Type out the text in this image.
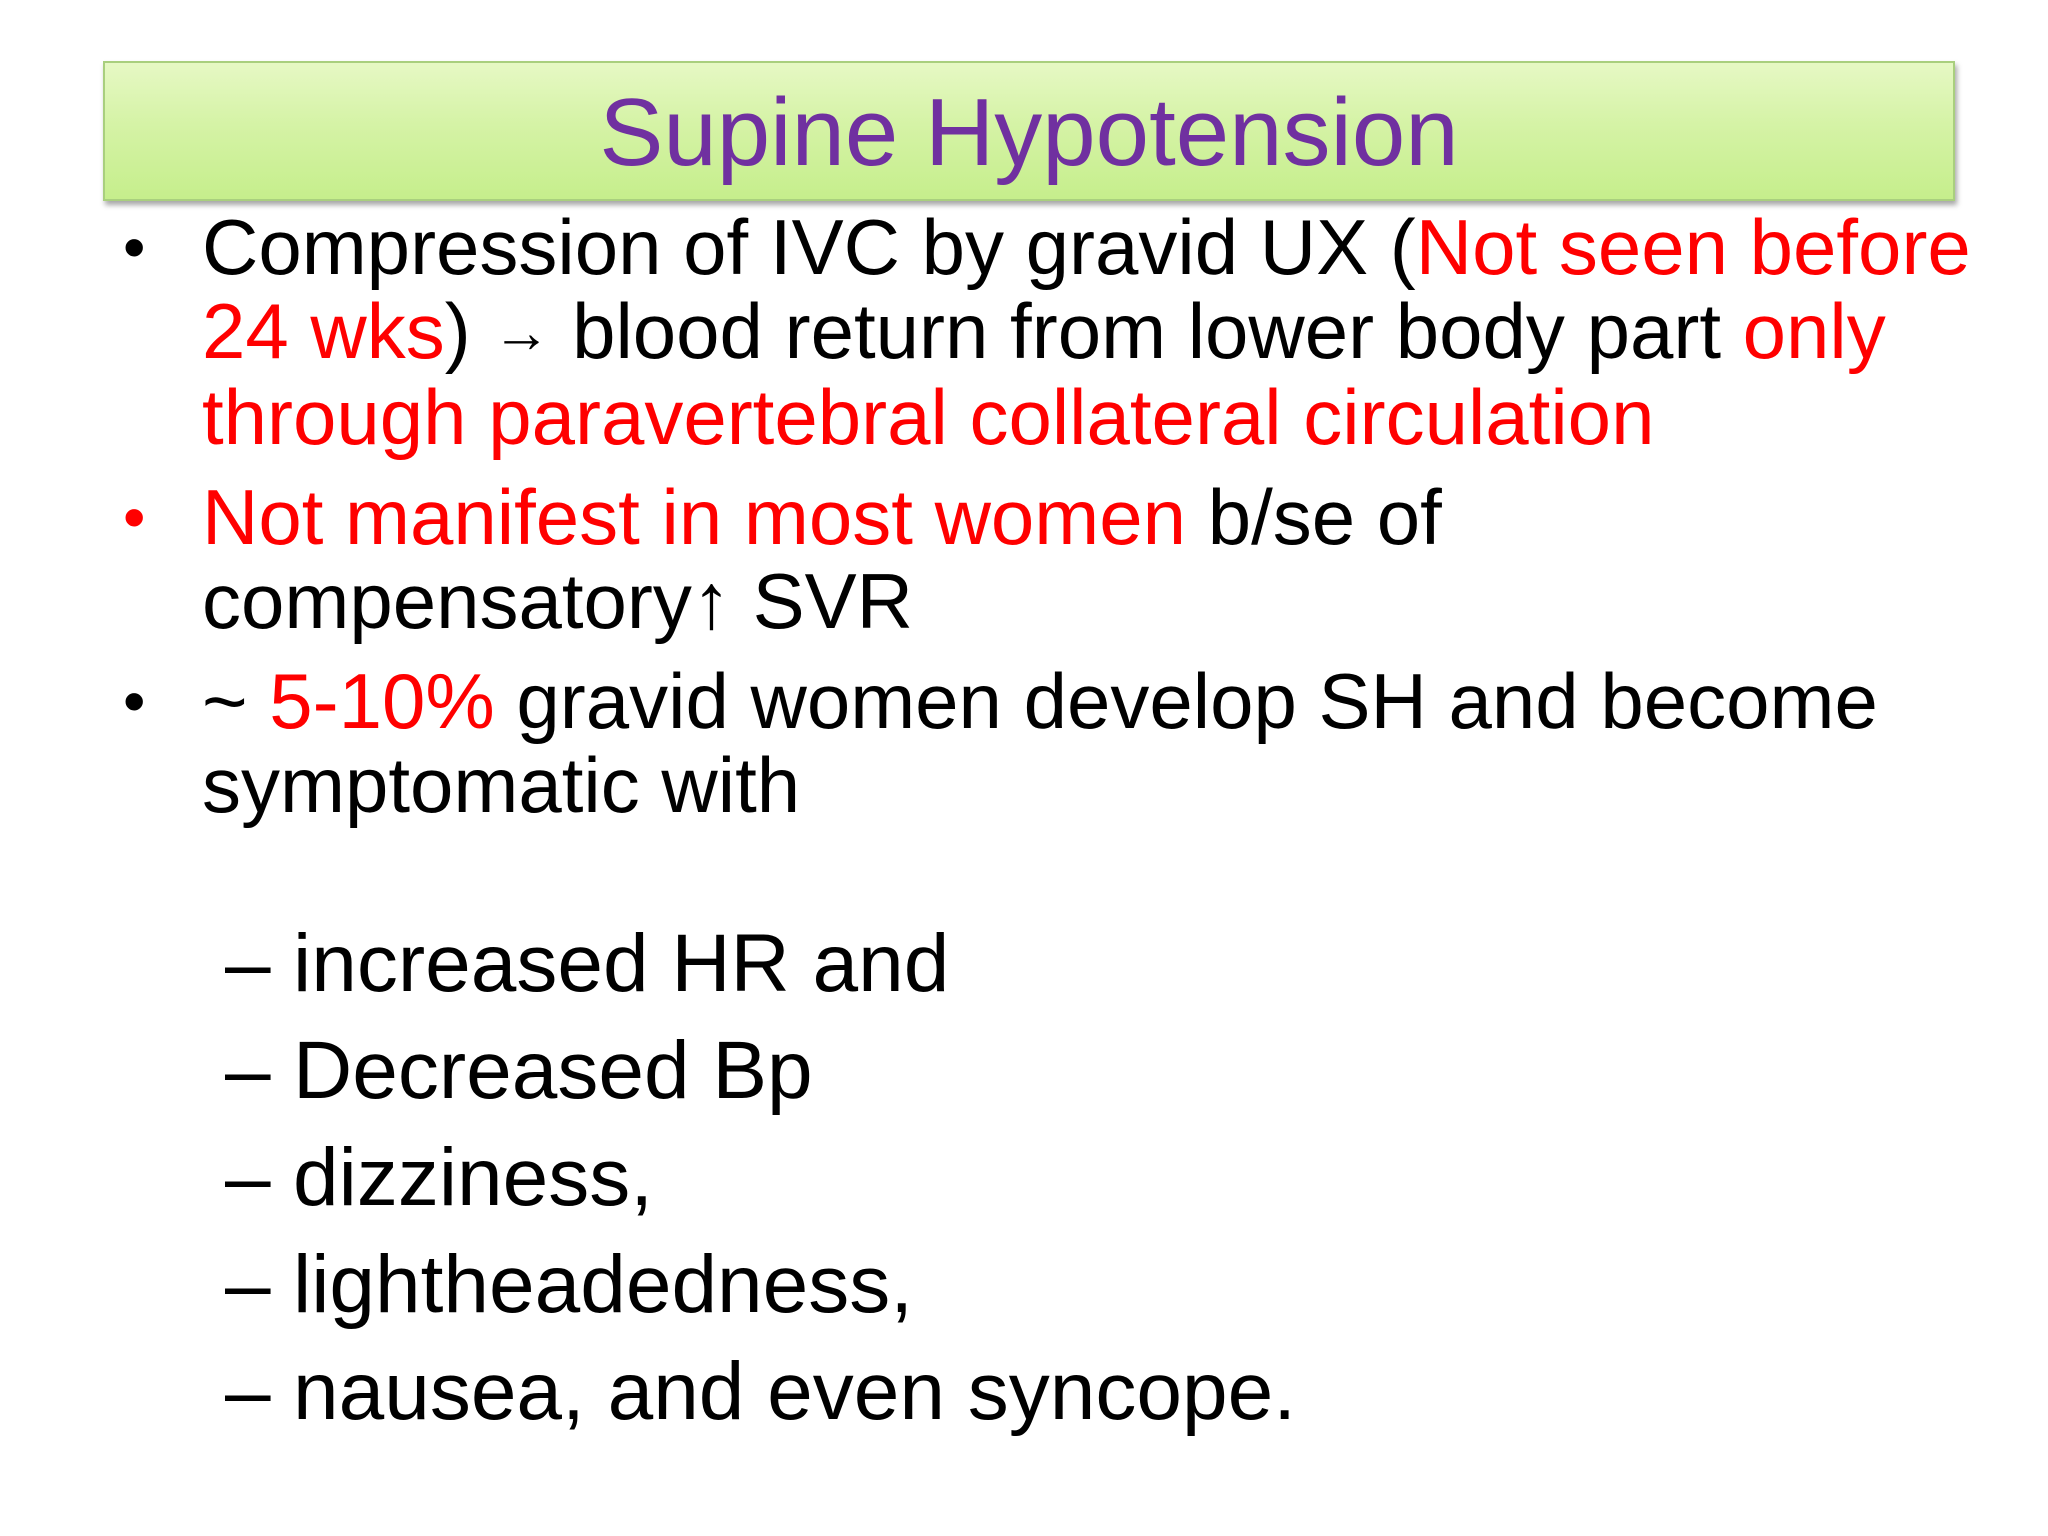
Supine Hypotension
• Compression of IVC by gravid UX (Not seen before 24 wks) → blood return from lower body part only through paravertebral collateral circulation
• Not manifest in most women b/se of compensatory↑ SVR
• ~ 5-10% gravid women develop SH and become symptomatic with
– increased HR and
– Decreased Bp
– dizziness,
– lightheadedness,
– nausea, and even syncope.
